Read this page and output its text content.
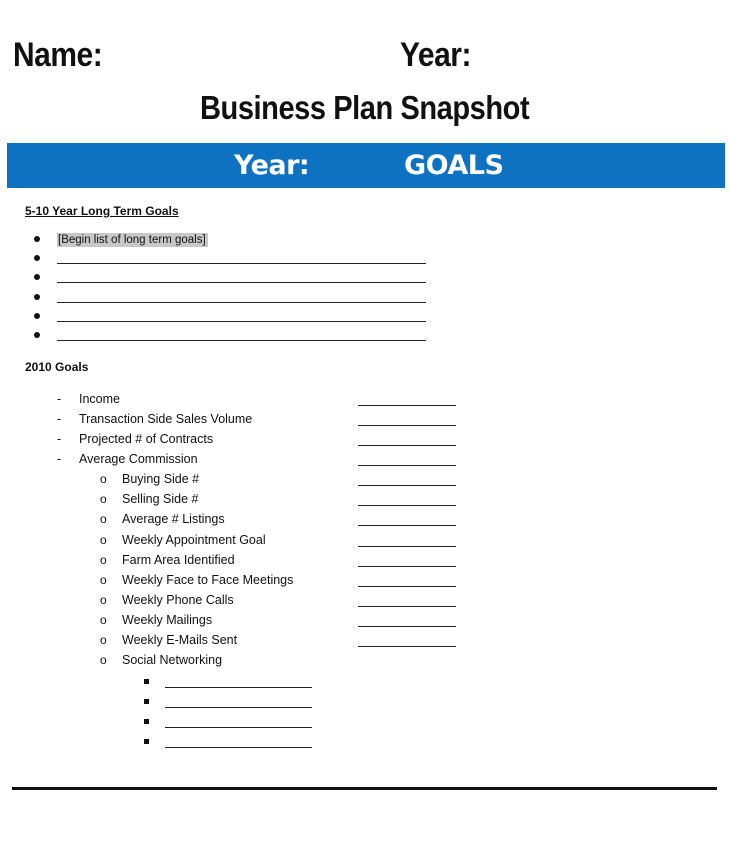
Name:	Year:
Business Plan Snapshot
Year:	GOALS
5-10 Year Long Term Goals
[Begin list of long term goals]
2010 Goals
- Income
- Transaction Side Sales Volume
- Projected # of Contracts
- Average Commission
o Buying Side #
o Selling Side #
o Average # Listings
o Weekly Appointment Goal
o Farm Area Identified
o Weekly Face to Face Meetings
o Weekly Phone Calls
o Weekly Mailings
o Weekly E-Mails Sent
o Social Networking
